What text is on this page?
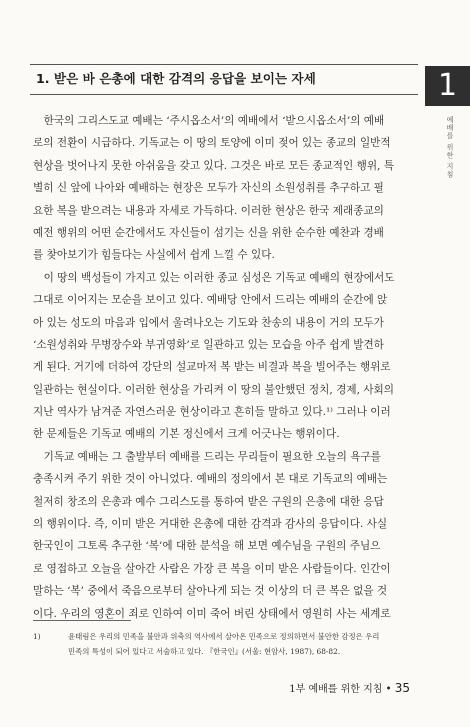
1. 받은 바 은총에 대한 감격의 응답을 보이는 자세	1
예배를 위한 지침
　한국의 그리스도교 예배는 ‘주시옵소서’의 예배에서 ‘받으시옵소서’의 예배
로의 전환이 시급하다. 기독교는 이 땅의 토양에 이미 젖어 있는 종교의 일반적
현상을 벗어나지 못한 아쉬움을 갖고 있다. 그것은 바로 모든 종교적인 행위, 특
별히 신 앞에 나아와 예배하는 현장은 모두가 자신의 소원성취를 추구하고 필
요한 복을 받으려는 내용과 자세로 가득하다. 이러한 현상은 한국 제래종교의
예전 행위의 어떤 순간에서도 자신들이 섬기는 신을 위한 순수한 예찬과 경배
를 찾아보기가 힘들다는 사실에서 쉽게 느낄 수 있다.
　이 땅의 백성들이 가지고 있는 이러한 종교 심성은 기독교 예배의 현장에서도
그대로 이어지는 모순을 보이고 있다. 예배당 안에서 드리는 예배의 순간에 앉
아 있는 성도의 마음과 입에서 울려나오는 기도와 찬송의 내용이 거의 모두가
‘소원성취와 무병장수와 부귀영화’로 일관하고 있는 모습을 아주 쉽게 발견하
게 된다. 거기에 더하여 강단의 설교마저 복 받는 비결과 복을 빌어주는 행위로
일관하는 현실이다. 이러한 현상을 가리켜 이 땅의 불안했던 정치, 경제, 사회의
지난 역사가 남겨준 자연스러운 현상이라고 흔히들 말하고 있다.¹⁾ 그러나 이러
한 문제들은 기독교 예배의 기본 정신에서 크게 어긋나는 행위이다.
　기독교 예배는 그 출발부터 예배를 드리는 무리들이 필요한 오늘의 욕구를
충족시켜 주기 위한 것이 아니었다. 예배의 정의에서 본 대로 기독교의 예배는
철저히 창조의 은총과 예수 그리스도를 통하여 받은 구원의 은총에 대한 응답
의 행위이다. 즉, 이미 받은 거대한 은총에 대한 감격과 감사의 응답이다. 사실
한국인이 그토록 추구한 ‘복’에 대한 분석을 해 보면 예수님을 구원의 주님으
로 영접하고 오늘을 살아간 사람은 가장 큰 복을 이미 받은 사람들이다. 인간이
말하는 ‘복’ 중에서 죽음으로부터 살아나게 되는 것 이상의 더 큰 복은 없을 것
이다. 우리의 영혼이 죄로 인하여 이미 죽어 버린 상태에서 영원히 사는 세계로
1)	윤태림은 우리의 민족을 불안과 위축의 역사에서 살아온 민족으로 정의하면서 불안한 감정은 우리
민족의 특성이 되어 있다고 서술하고 있다. 『한국인』(서울: 현암사, 1987), 68-82.
1부 예배를 위한 지침 • 35
